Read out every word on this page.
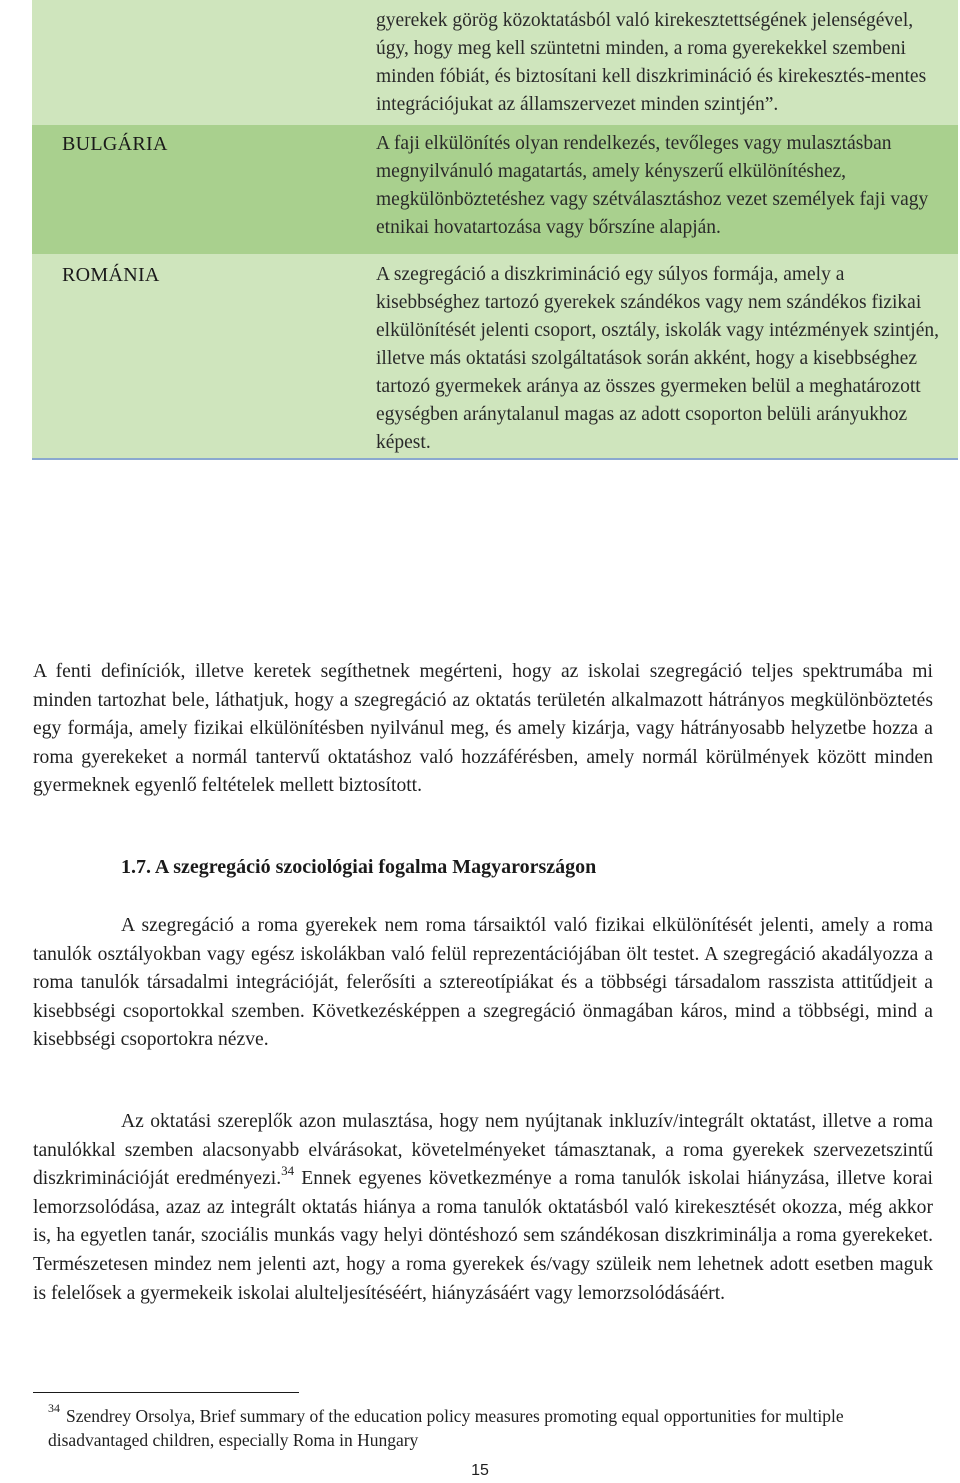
gyerekek görög közoktatásból való kirekesztettségének jelenségével, úgy, hogy meg kell szüntetni minden, a roma gyerekekkel szembeni minden fóbiát, és biztosítani kell diszkrimináció és kirekesztés-mentes integrációjukat az államszervezet minden szintjén”.
BULGÁRIA	A faji elkülönítés olyan rendelkezés, tevőleges vagy mulasztásban megnyilvánuló magatartás, amely kényszerű elkülönítéshez, megkülönböztetéshez vagy szétválasztáshoz vezet személyek faji vagy etnikai hovatartozása vagy bőrszíne alapján.
ROMÁNIA	A szegregáció a diszkrimináció egy súlyos formája, amely a kisebbséghez tartozó gyerekek szándékos vagy nem szándékos fizikai elkülönítését jelenti csoport, osztály, iskolák vagy intézmények szintjén, illetve más oktatási szolgáltatások során akként, hogy a kisebbséghez tartozó gyermekek aránya az összes gyermeken belül a meghatározott egységben aránytalanul magas az adott csoporton belüli arányukhoz képest.
A fenti definíciók, illetve keretek segíthetnek megérteni, hogy az iskolai szegregáció teljes spektrumába mi minden tartozhat bele, láthatjuk, hogy a szegregáció az oktatás területén alkalmazott hátrányos megkülönböztetés egy formája, amely fizikai elkülönítésben nyilvánul meg, és amely kizárja, vagy hátrányosabb helyzetbe hozza a roma gyerekeket a normál tantervű oktatáshoz való hozzáférésben, amely normál körülmények között minden gyermeknek egyenlő feltételek mellett biztosított.
1.7. A szegregáció szociológiai fogalma Magyarországon
A szegregáció a roma gyerekek nem roma társaiktól való fizikai elkülönítését jelenti, amely a roma tanulók osztályokban vagy egész iskolákban való felül reprezentációjában ölt testet. A szegregáció akadályozza a roma tanulók társadalmi integrációját, felerősíti a sztereotípiákat és a többségi társadalom rasszista attitűdjeit a kisebbségi csoportokkal szemben. Következésképpen a szegregáció önmagában káros, mind a többségi, mind a kisebbségi csoportokra nézve.
Az oktatási szereplők azon mulasztása, hogy nem nyújtanak inkluzív/integrált oktatást, illetve a roma tanulókkal szemben alacsonyabb elvárásokat, követelményeket támasztanak, a roma gyerekek szervezetszintű diszkriminációját eredményezi.$^{34}$ Ennek egyenes következménye a roma tanulók iskolai hiányzása, illetve korai lemorzsolódása, azaz az integrált oktatás hiánya a roma tanulók oktatásból való kirekesztését okozza, még akkor is, ha egyetlen tanár, szociális munkás vagy helyi döntéshozó sem szándékosan diszkriminálja a roma gyerekeket. Természetesen mindez nem jelenti azt, hogy a roma gyerekek és/vagy szüleik nem lehetnek adott esetben maguk is felelősek a gyermekeik iskolai alulteljesítéséért, hiányzásáért vagy lemorzsolódásáért.
$^{34}$ Szendrey Orsolya, Brief summary of the education policy measures promoting equal opportunities for multiple disadvantaged children, especially Roma in Hungary
15
